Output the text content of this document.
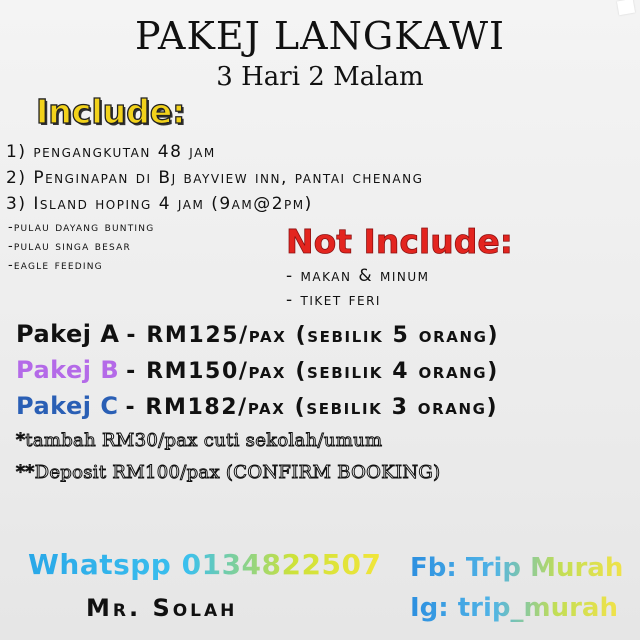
PAKEJ LANGKAWI
3 Hari 2 Malam
Include:
1) pengangkutan 48 jam
2) Penginapan di Bj bayview inn, pantai chenang
3) Island hoping 4 jam (9am@2pm)
-pulau dayang bunting
-pulau singa besar
-eagle feeding
Not Include:
- makan & minum
- tiket feri
Pakej A - RM125/pax (sebilik 5 orang)
Pakej B - RM150/pax (sebilik 4 orang)
Pakej C - RM182/pax (sebilik 3 orang)
*tambah RM30/pax cuti sekolah/umum
**Deposit RM100/pax (CONFIRM BOOKING)
Whatspp 0134822507
Mr. Solah
Fb: Trip Murah
Ig: trip_murah
